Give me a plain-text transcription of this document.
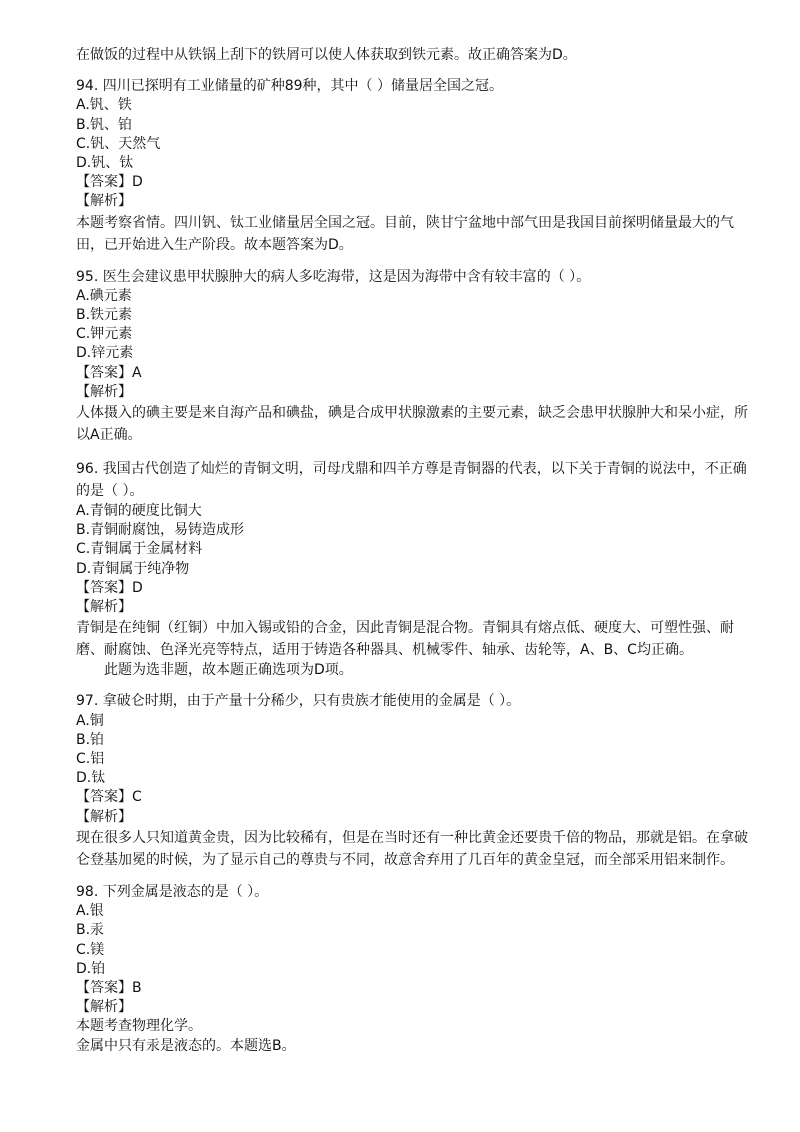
在做饭的过程中从铁锅上刮下的铁屑可以使人体获取到铁元素。故正确答案为D。
94. 四川已探明有工业储量的矿种89种，其中（ ）储量居全国之冠。
A.钒、铁
B.钒、铂
C.钒、天然气
D.钒、钛
【答案】D
【解析】
本题考察省情。四川钒、钛工业储量居全国之冠。目前，陕甘宁盆地中部气田是我国目前探明储量最大的气田，已开始进入生产阶段。故本题答案为D。
95. 医生会建议患甲状腺肿大的病人多吃海带，这是因为海带中含有较丰富的（ ）。
A.碘元素
B.铁元素
C.钾元素
D.锌元素
【答案】A
【解析】
人体摄入的碘主要是来自海产品和碘盐，碘是合成甲状腺激素的主要元素，缺乏会患甲状腺肿大和呆小症，所以A正确。
96. 我国古代创造了灿烂的青铜文明，司母戊鼎和四羊方尊是青铜器的代表，以下关于青铜的说法中，不正确的是（ ）。
A.青铜的硬度比铜大
B.青铜耐腐蚀，易铸造成形
C.青铜属于金属材料
D.青铜属于纯净物
【答案】D
【解析】
青铜是在纯铜（红铜）中加入锡或铅的合金，因此青铜是混合物。青铜具有熔点低、硬度大、可塑性强、耐磨、耐腐蚀、色泽光亮等特点，适用于铸造各种器具、机械零件、轴承、齿轮等，A、B、C均正确。
此题为选非题，故本题正确选项为D项。
97. 拿破仑时期，由于产量十分稀少，只有贵族才能使用的金属是（ ）。
A.铜
B.铂
C.铝
D.钛
【答案】C
【解析】
现在很多人只知道黄金贵，因为比较稀有，但是在当时还有一种比黄金还要贵千倍的物品，那就是铝。在拿破仑登基加冕的时候，为了显示自己的尊贵与不同，故意舍弃用了几百年的黄金皇冠，而全部采用铝来制作。
98. 下列金属是液态的是（ ）。
A.银
B.汞
C.镁
D.铂
【答案】B
【解析】
本题考查物理化学。
金属中只有汞是液态的。本题选B。
